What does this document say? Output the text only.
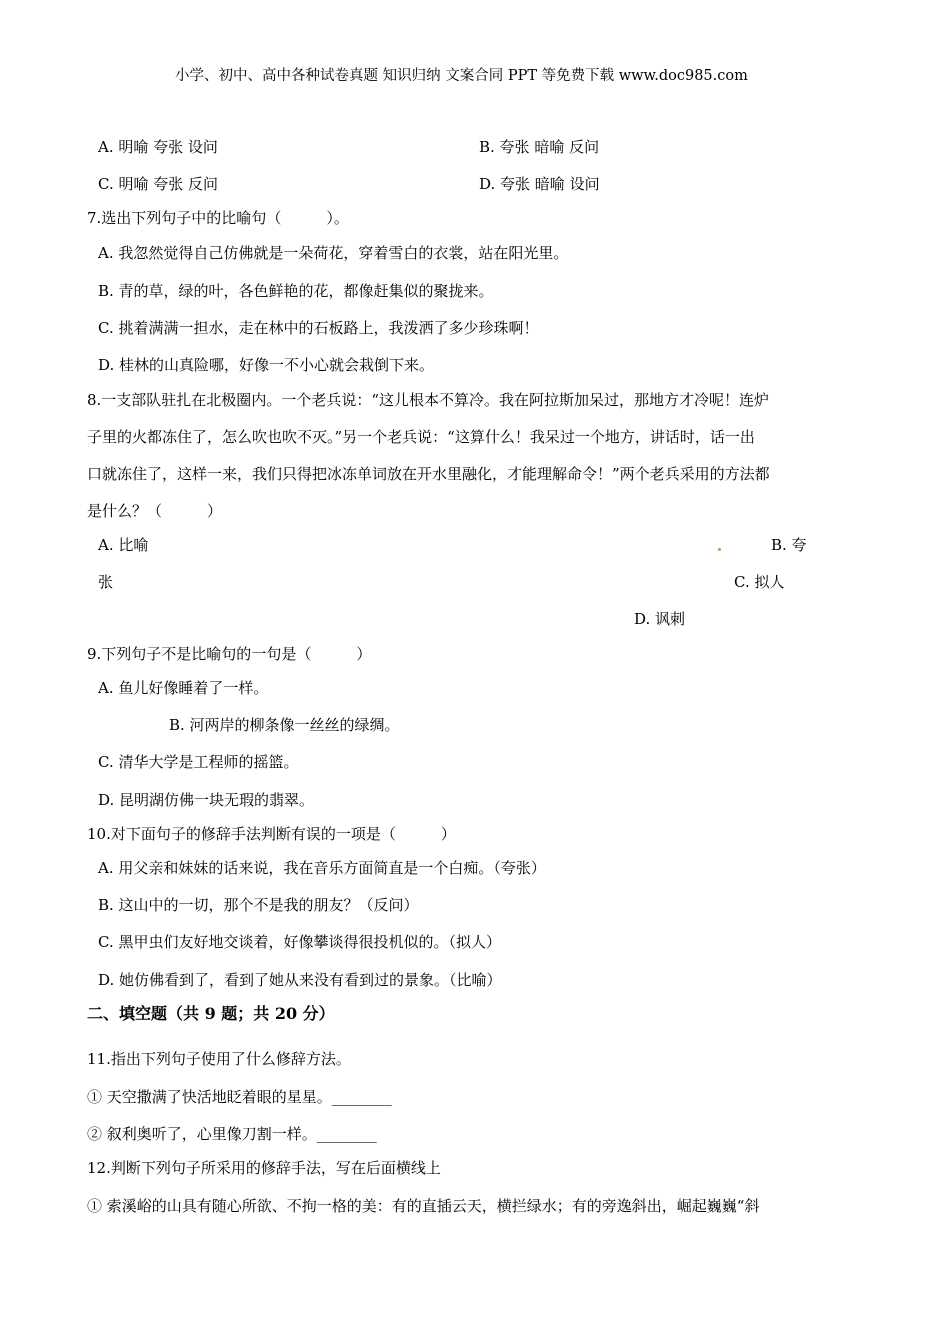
小学、初中、高中各种试卷真题 知识归纳 文案合同 PPT 等免费下载 www.doc985.com
A. 明喻 夸张 设问	B. 夸张 暗喻 反问
C. 明喻 夸张 反问	D. 夸张 暗喻 设问
7.选出下列句子中的比喻句（　　　）。
A. 我忽然觉得自己仿佛就是一朵荷花，穿着雪白的衣裳，站在阳光里。
B. 青的草，绿的叶，各色鲜艳的花，都像赶集似的聚拢来。
C. 挑着满满一担水，走在林中的石板路上，我泼洒了多少珍珠啊！
D. 桂林的山真险哪，好像一不小心就会栽倒下来。
8.一支部队驻扎在北极圈内。一个老兵说：“这儿根本不算冷。我在阿拉斯加呆过，那地方才冷呢！连炉
子里的火都冻住了，怎么吹也吹不灭。”另一个老兵说：“这算什么！我呆过一个地方，讲话时，话一出
口就冻住了，这样一来，我们只得把冰冻单词放在开水里融化，才能理解命令！”两个老兵采用的方法都
是什么？（　　　）
A. 比喻	B. 夸
张	C. 拟人
D. 讽刺
9.下列句子不是比喻句的一句是（　　　）
A. 鱼儿好像睡着了一样。
B. 河两岸的柳条像一丝丝的绿绸。
C. 清华大学是工程师的摇篮。
D. 昆明湖仿佛一块无瑕的翡翠。
10.对下面句子的修辞手法判断有误的一项是（　　　）
A. 用父亲和妹妹的话来说，我在音乐方面简直是一个白痴。（夸张）
B. 这山中的一切，那个不是我的朋友？（反问）
C. 黑甲虫们友好地交谈着，好像攀谈得很投机似的。（拟人）
D. 她仿佛看到了，看到了她从来没有看到过的景象。（比喻）
二、填空题（共 9 题；共 20 分）
11.指出下列句子使用了什么修辞方法。
① 天空撒满了快活地眨着眼的星星。________
② 叙利奥听了，心里像刀割一样。________
12.判断下列句子所采用的修辞手法，写在后面横线上
① 索溪峪的山具有随心所欲、不拘一格的美：有的直插云天，横拦绿水；有的旁逸斜出，崛起巍巍“斜
